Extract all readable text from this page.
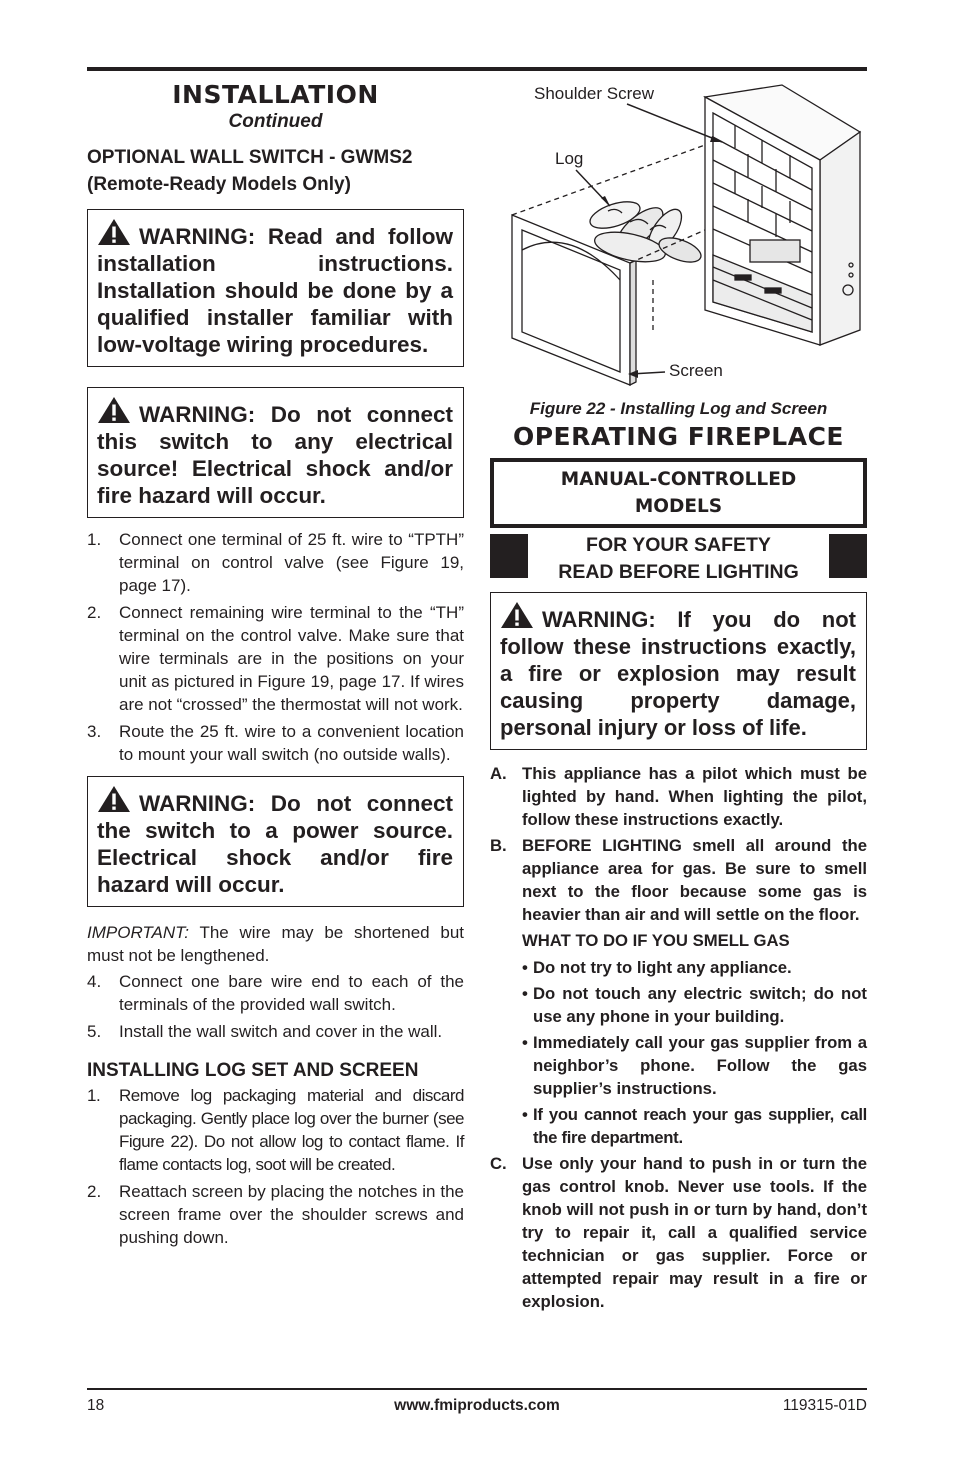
INSTALLATION
Continued
OPTIONAL WALL SWITCH - GWMS2
(Remote-Ready Models Only)
WARNING: Read and follow installation instructions. Installation should be done by a qualified installer familiar with low-voltage wiring procedures.
WARNING: Do not connect this switch to any electrical source! Electrical shock and/or fire hazard will occur.
1. Connect one terminal of 25 ft. wire to “TPTH” terminal on control valve (see Figure 19, page 17).
2. Connect remaining wire terminal to the “TH” terminal on the control valve. Make sure that wire terminals are in the positions on your unit as pictured in Figure 19, page 17. If wires are not “crossed” the thermostat will not work.
3. Route the 25 ft. wire to a convenient location to mount your wall switch (no outside walls).
WARNING: Do not connect the switch to a power source. Electrical shock and/or fire hazard will occur.

IMPORTANT: The wire may be shortened but must not be lengthened.

4. Connect one bare wire end to each of the terminals of the provided wall switch.
5. Install the wall switch and cover in the wall.
INSTALLING LOG SET AND SCREEN
1. Remove log packaging material and discard packaging. Gently place log over the burner (see Figure 22). Do not allow log to contact flame. If flame contacts log, soot will be created.
2. Reattach screen by placing the notches in the screen frame over the shoulder screws and pushing down.
Shoulder Screw
Log
Screen
Figure 22 - Installing Log and Screen
OPERATING FIREPLACE
MANUAL-CONTROLLED
MODELS
FOR YOUR SAFETY
READ BEFORE LIGHTING
WARNING: If you do not follow these instructions exactly, a fire or explosion may result causing property damage, personal injury or loss of life.
A. This appliance has a pilot which must be lighted by hand. When lighting the pilot, follow these instructions exactly.
B. BEFORE LIGHTING smell all around the appliance area for gas. Be sure to smell next to the floor because some gas is heavier than air and will settle on the floor.
WHAT TO DO IF YOU SMELL GAS
• Do not try to light any appliance.
• Do not touch any electric switch; do not use any phone in your building.
• Immediately call your gas supplier from a neighbor’s phone. Follow the gas supplier’s instructions.
• If you cannot reach your gas supplier, call the fire department.
C. Use only your hand to push in or turn the gas control knob. Never use tools. If the knob will not push in or turn by hand, don’t try to repair it, call a qualified service technician or gas supplier. Force or attempted repair may result in a fire or explosion.
18	www.fmiproducts.com	119315-01D
